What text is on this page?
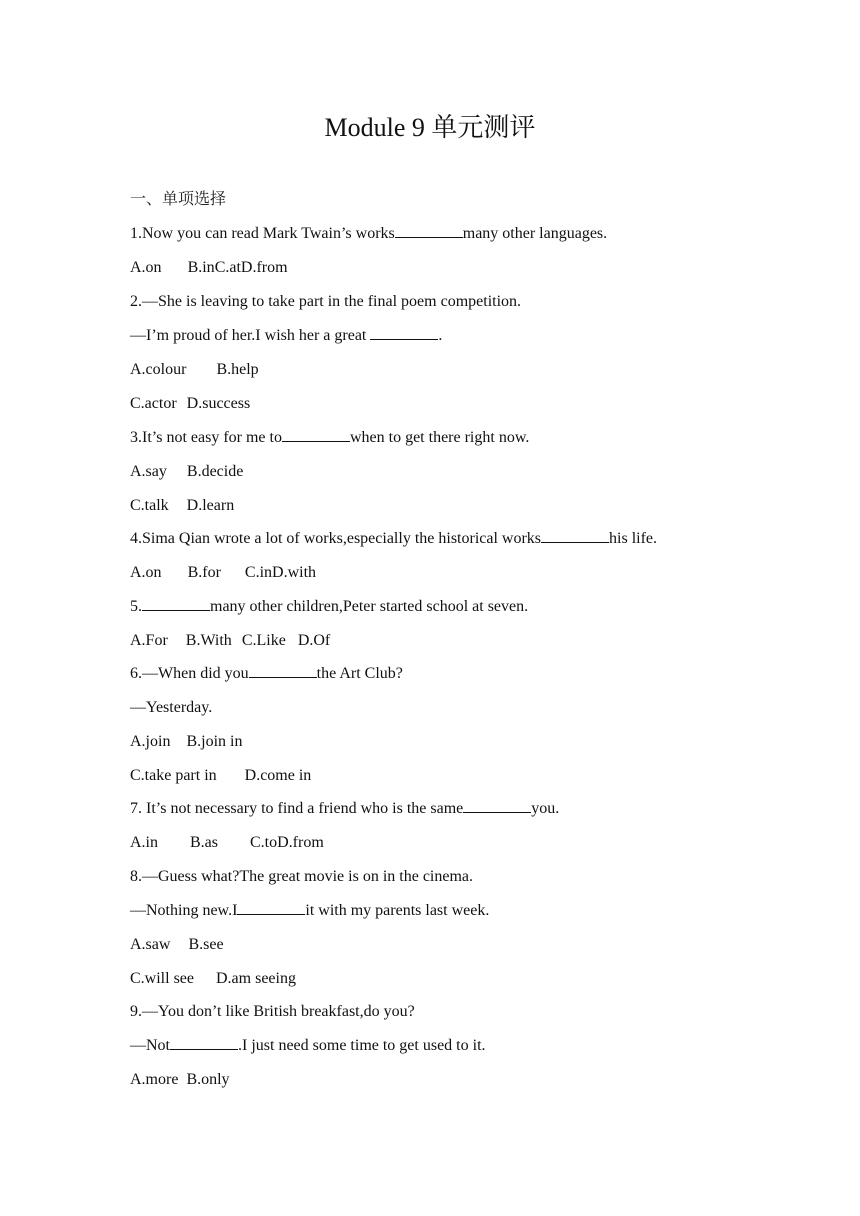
Module 9 单元测评
一、单项选择
1.Now you can read Mark Twain’s works	many other languages.
A.on B.inC.atD.from
2.—She is leaving to take part in the final poem competition.
—I’m proud of her.I wish her a great	.
A.colour B.help
C.actor D.success
3.It’s not easy for me to	when to get there right now.
A.say B.decide
C.talk D.learn
4.Sima Qian wrote a lot of works,especially the historical works	his life.
A.on B.for C.inD.with
5.	many other children,Peter started school at seven.
A.For B.With C.Like D.Of
6.—When did you	the Art Club?
—Yesterday.
A.join B.join in
C.take part in D.come in
7. It’s not necessary to find a friend who is the same	you.
A.in B.as C.toD.from
8.—Guess what?The great movie is on in the cinema.
—Nothing new.I	it with my parents last week.
A.saw B.see
C.will see D.am seeing
9.—You don’t like British breakfast,do you?
—Not	.I just need some time to get used to it.
A.more B.only
